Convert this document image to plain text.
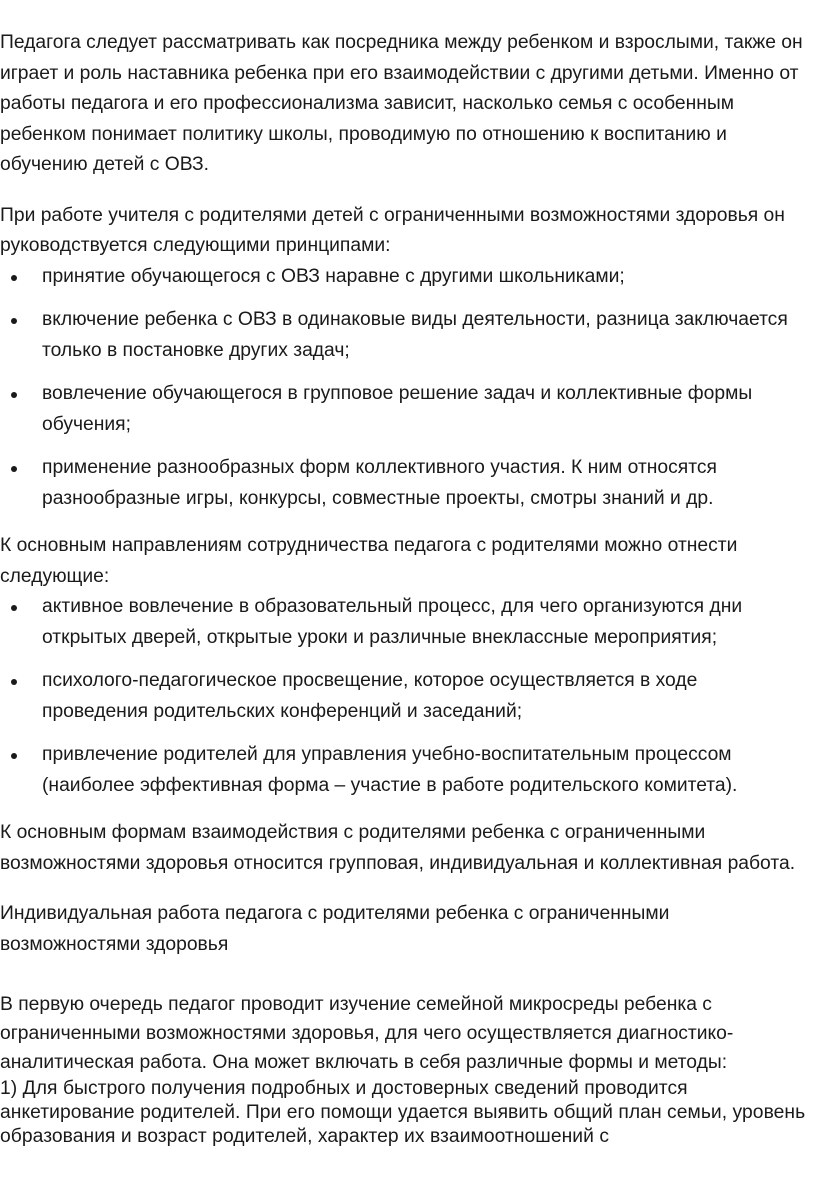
Педагога следует рассматривать как посредника между ребенком и взрослыми, также он играет и роль наставника ребенка при его взаимодействии с другими детьми. Именно от работы педагога и его профессионализма зависит, насколько семья с особенным ребенком понимает политику школы, проводимую по отношению к воспитанию и обучению детей с ОВЗ.

При работе учителя с родителями детей с ограниченными возможностями здоровья он руководствуется следующими принципами:

принятие обучающегося с ОВЗ наравне с другими школьниками;
включение ребенка с ОВЗ в одинаковые виды деятельности, разница заключается только в постановке других задач;
вовлечение обучающегося в групповое решение задач и коллективные формы обучения;
применение разнообразных форм коллективного участия. К ним относятся разнообразные игры, конкурсы, совместные проекты, смотры знаний и др.

К основным направлениям сотрудничества педагога с родителями можно отнести следующие:

активное вовлечение в образовательный процесс, для чего организуются дни открытых дверей, открытые уроки и различные внеклассные мероприятия;
психолого-педагогическое просвещение, которое осуществляется в ходе проведения родительских конференций и заседаний;
привлечение родителей для управления учебно-воспитательным процессом (наиболее эффективная форма – участие в работе родительского комитета).

К основным формам взаимодействия с родителями ребенка с ограниченными возможностями здоровья относится групповая, индивидуальная и коллективная работа.

Индивидуальная работа педагога с родителями ребенка с ограниченными возможностями здоровья

В первую очередь педагог проводит изучение семейной микросреды ребенка с ограниченными возможностями здоровья, для чего осуществляется диагностико-аналитическая работа. Она может включать в себя различные формы и методы:

1) Для быстрого получения подробных и достоверных сведений проводится анкетирование родителей. При его помощи удается выявить общий план семьи, уровень образования и возраст родителей, характер их взаимоотношений с
